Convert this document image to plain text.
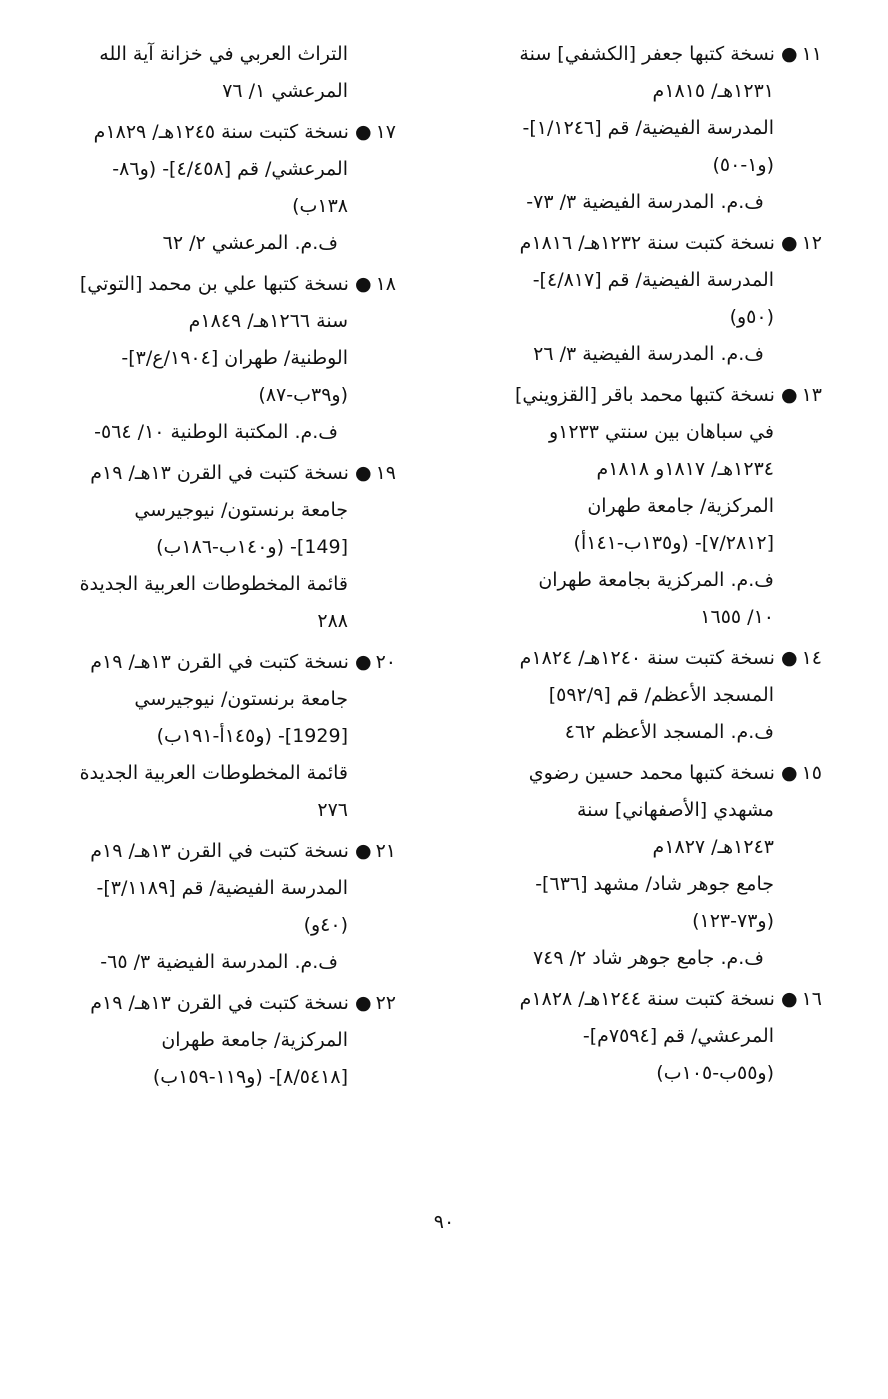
١١● نسخة كتبها جعفر [الكشفي] سنة
١٢٣١هـ/ ١٨١٥م
المدرسة الفيضية/ قم [١/١٢٤٦]-
(و١-٥٠)
ف.م. المدرسة الفيضية ٣/ ٧٣-
١٢● نسخة كتبت سنة ١٢٣٢هـ/ ١٨١٦م
المدرسة الفيضية/ قم [٤/٨١٧]-
(٥٠و)
ف.م. المدرسة الفيضية ٣/ ٢٦
١٣● نسخة كتبها محمد باقر [القزويني]
في سباهان بين سنتي ١٢٣٣و
١٢٣٤هـ/ ١٨١٧و ١٨١٨م
المركزية/ جامعة طهران
[٧/٢٨١٢]- (و١٣٥ب-١٤١أ)
ف.م. المركزية بجامعة طهران
١٠/ ١٦٥٥
١٤● نسخة كتبت سنة ١٢٤٠هـ/ ١٨٢٤م
المسجد الأعظم/ قم [٥٩٢/٩]
ف.م. المسجد الأعظم ٤٦٢
١٥● نسخة كتبها محمد حسين رضوي
مشهدي [الأصفهاني] سنة
١٢٤٣هـ/ ١٨٢٧م
جامع جوهر شاد/ مشهد [٦٣٦]-
(و٧٣-١٢٣)
ف.م. جامع جوهر شاد ٢/ ٧٤٩
١٦● نسخة كتبت سنة ١٢٤٤هـ/ ١٨٢٨م
المرعشي/ قم [٧٥٩٤م]-
(و٥٥ب-١٠٥ب)
التراث العربي في خزانة آية الله
المرعشي ١/ ٧٦
١٧● نسخة كتبت سنة ١٢٤٥هـ/ ١٨٢٩م
المرعشي/ قم [٤/٤٥٨]- (و٨٦-
١٣٨ب)
ف.م. المرعشي ٢/ ٦٢
١٨● نسخة كتبها علي بن محمد [التوتي]
سنة ١٢٦٦هـ/ ١٨٤٩م
الوطنية/ طهران [١٩٠٤/ع/٣]-
(و٣٩ب-٨٧)
ف.م. المكتبة الوطنية ١٠/ ٥٦٤-
١٩● نسخة كتبت في القرن ١٣هـ/ ١٩م
جامعة برنستون/ نيوجيرسي
[149]- (و١٤٠ب-١٨٦ب)
قائمة المخطوطات العربية الجديدة
٢٨٨
٢٠● نسخة كتبت في القرن ١٣هـ/ ١٩م
جامعة برنستون/ نيوجيرسي
[1929]- (و١٤٥أ-١٩١ب)
قائمة المخطوطات العربية الجديدة
٢٧٦
٢١● نسخة كتبت في القرن ١٣هـ/ ١٩م
المدرسة الفيضية/ قم [٣/١١٨٩]-
(٤٠و)
ف.م. المدرسة الفيضية ٣/ ٦٥-
٢٢● نسخة كتبت في القرن ١٣هـ/ ١٩م
المركزية/ جامعة طهران
[٨/٥٤١٨]- (و١١٩-١٥٩ب)
٩٠
